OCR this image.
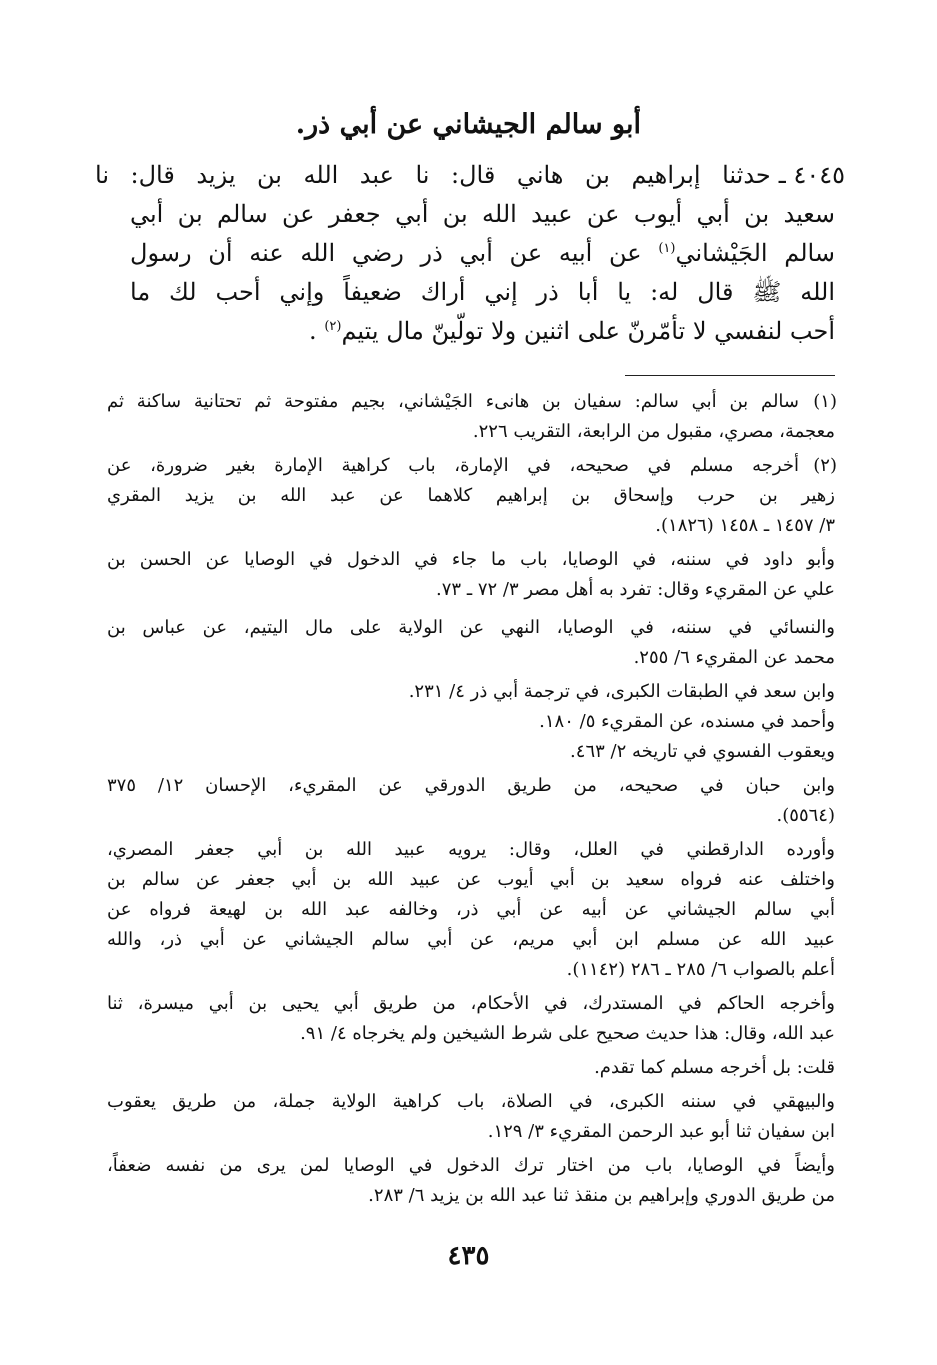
أبو سالم الجيشاني عن أبي ذر.
٤٠٤٥ ـحدثنا إبراهيم بن هاني قال: نا عبد الله بن يزيد قال: نا
سعيد بن أبي أيوب عن عبيد الله بن أبي جعفر عن سالم بن أبي
سالم الجَيْشاني$^{(١)}$ عن أبيه عن أبي ذر رضي الله عنه أن رسول
الله ﷺ قال له: يا أبا ذر إني أراك ضعيفاً وإني أحب لك ما
أحب لنفسي لا تأمّرنّ على اثنين ولا تولّينّ مال يتيم$^{(٢)}$ .
(١)
(٢)
سالم بن أبي سالم: سفيان بن هانىء الجَيْشاني، بجيم مفتوحة ثم تحتانية ساكنة ثم
معجمة، مصري، مقبول من الرابعة، التقريب ٢٢٦.
أخرجه مسلم في صحيحه، في الإمارة، باب كراهية الإمارة بغير ضرورة، عن
زهير بن حرب وإسحاق بن إبراهيم كلاهما عن عبد الله بن يزيد المقري
٣/ ١٤٥٧ ـ ١٤٥٨ (١٨٢٦).
وأبو داود في سننه، في الوصايا، باب ما جاء في الدخول في الوصايا عن الحسن بن
علي عن المقريء وقال: تفرد به أهل مصر ٣/ ٧٢ ـ ٧٣.
والنسائي في سننه، في الوصايا، النهي عن الولاية على مال اليتيم، عن عباس بن
محمد عن المقريء ٦/ ٢٥٥.
وابن سعد في الطبقات الكبرى، في ترجمة أبي ذر ٤/ ٢٣١.
وأحمد في مسنده، عن المقريء ٥/ ١٨٠.
ويعقوب الفسوي في تاريخه ٢/ ٤٦٣.
وابن حبان في صحيحه، من طريق الدورقي عن المقريء، الإحسان ١٢/ ٣٧٥
(٥٥٦٤).
وأورده الدارقطني في العلل، وقال: يرويه عبيد الله بن أبي جعفر المصري،
واختلف عنه فرواه سعيد بن أبي أيوب عن عبيد الله بن أبي جعفر عن سالم بن
أبي سالم الجيشاني عن أبيه عن أبي ذر، وخالفه عبد الله بن لهيعة فرواه عن
عبيد الله عن مسلم ابن أبي مريم، عن أبي سالم الجيشاني عن أبي ذر، والله
أعلم بالصواب ٦/ ٢٨٥ ـ ٢٨٦ (١١٤٢).
وأخرجه الحاكم في المستدرك، في الأحكام، من طريق أبي يحيى بن أبي ميسرة، ثنا
عبد الله، وقال: هذا حديث صحيح على شرط الشيخين ولم يخرجاه ٤/ ٩١.
قلت: بل أخرجه مسلم كما تقدم.
والبيهقي في سننه الكبرى، في الصلاة، باب كراهية الولاية جملة، من طريق يعقوب
ابن سفيان ثنا أبو عبد الرحمن المقريء ٣/ ١٢٩.
وأيضاً في الوصايا، باب من اختار ترك الدخول في الوصايا لمن يرى من نفسه ضعفاً،
من طريق الدوري وإبراهيم بن منقذ ثنا عبد الله بن يزيد ٦/ ٢٨٣.
٤٣٥
